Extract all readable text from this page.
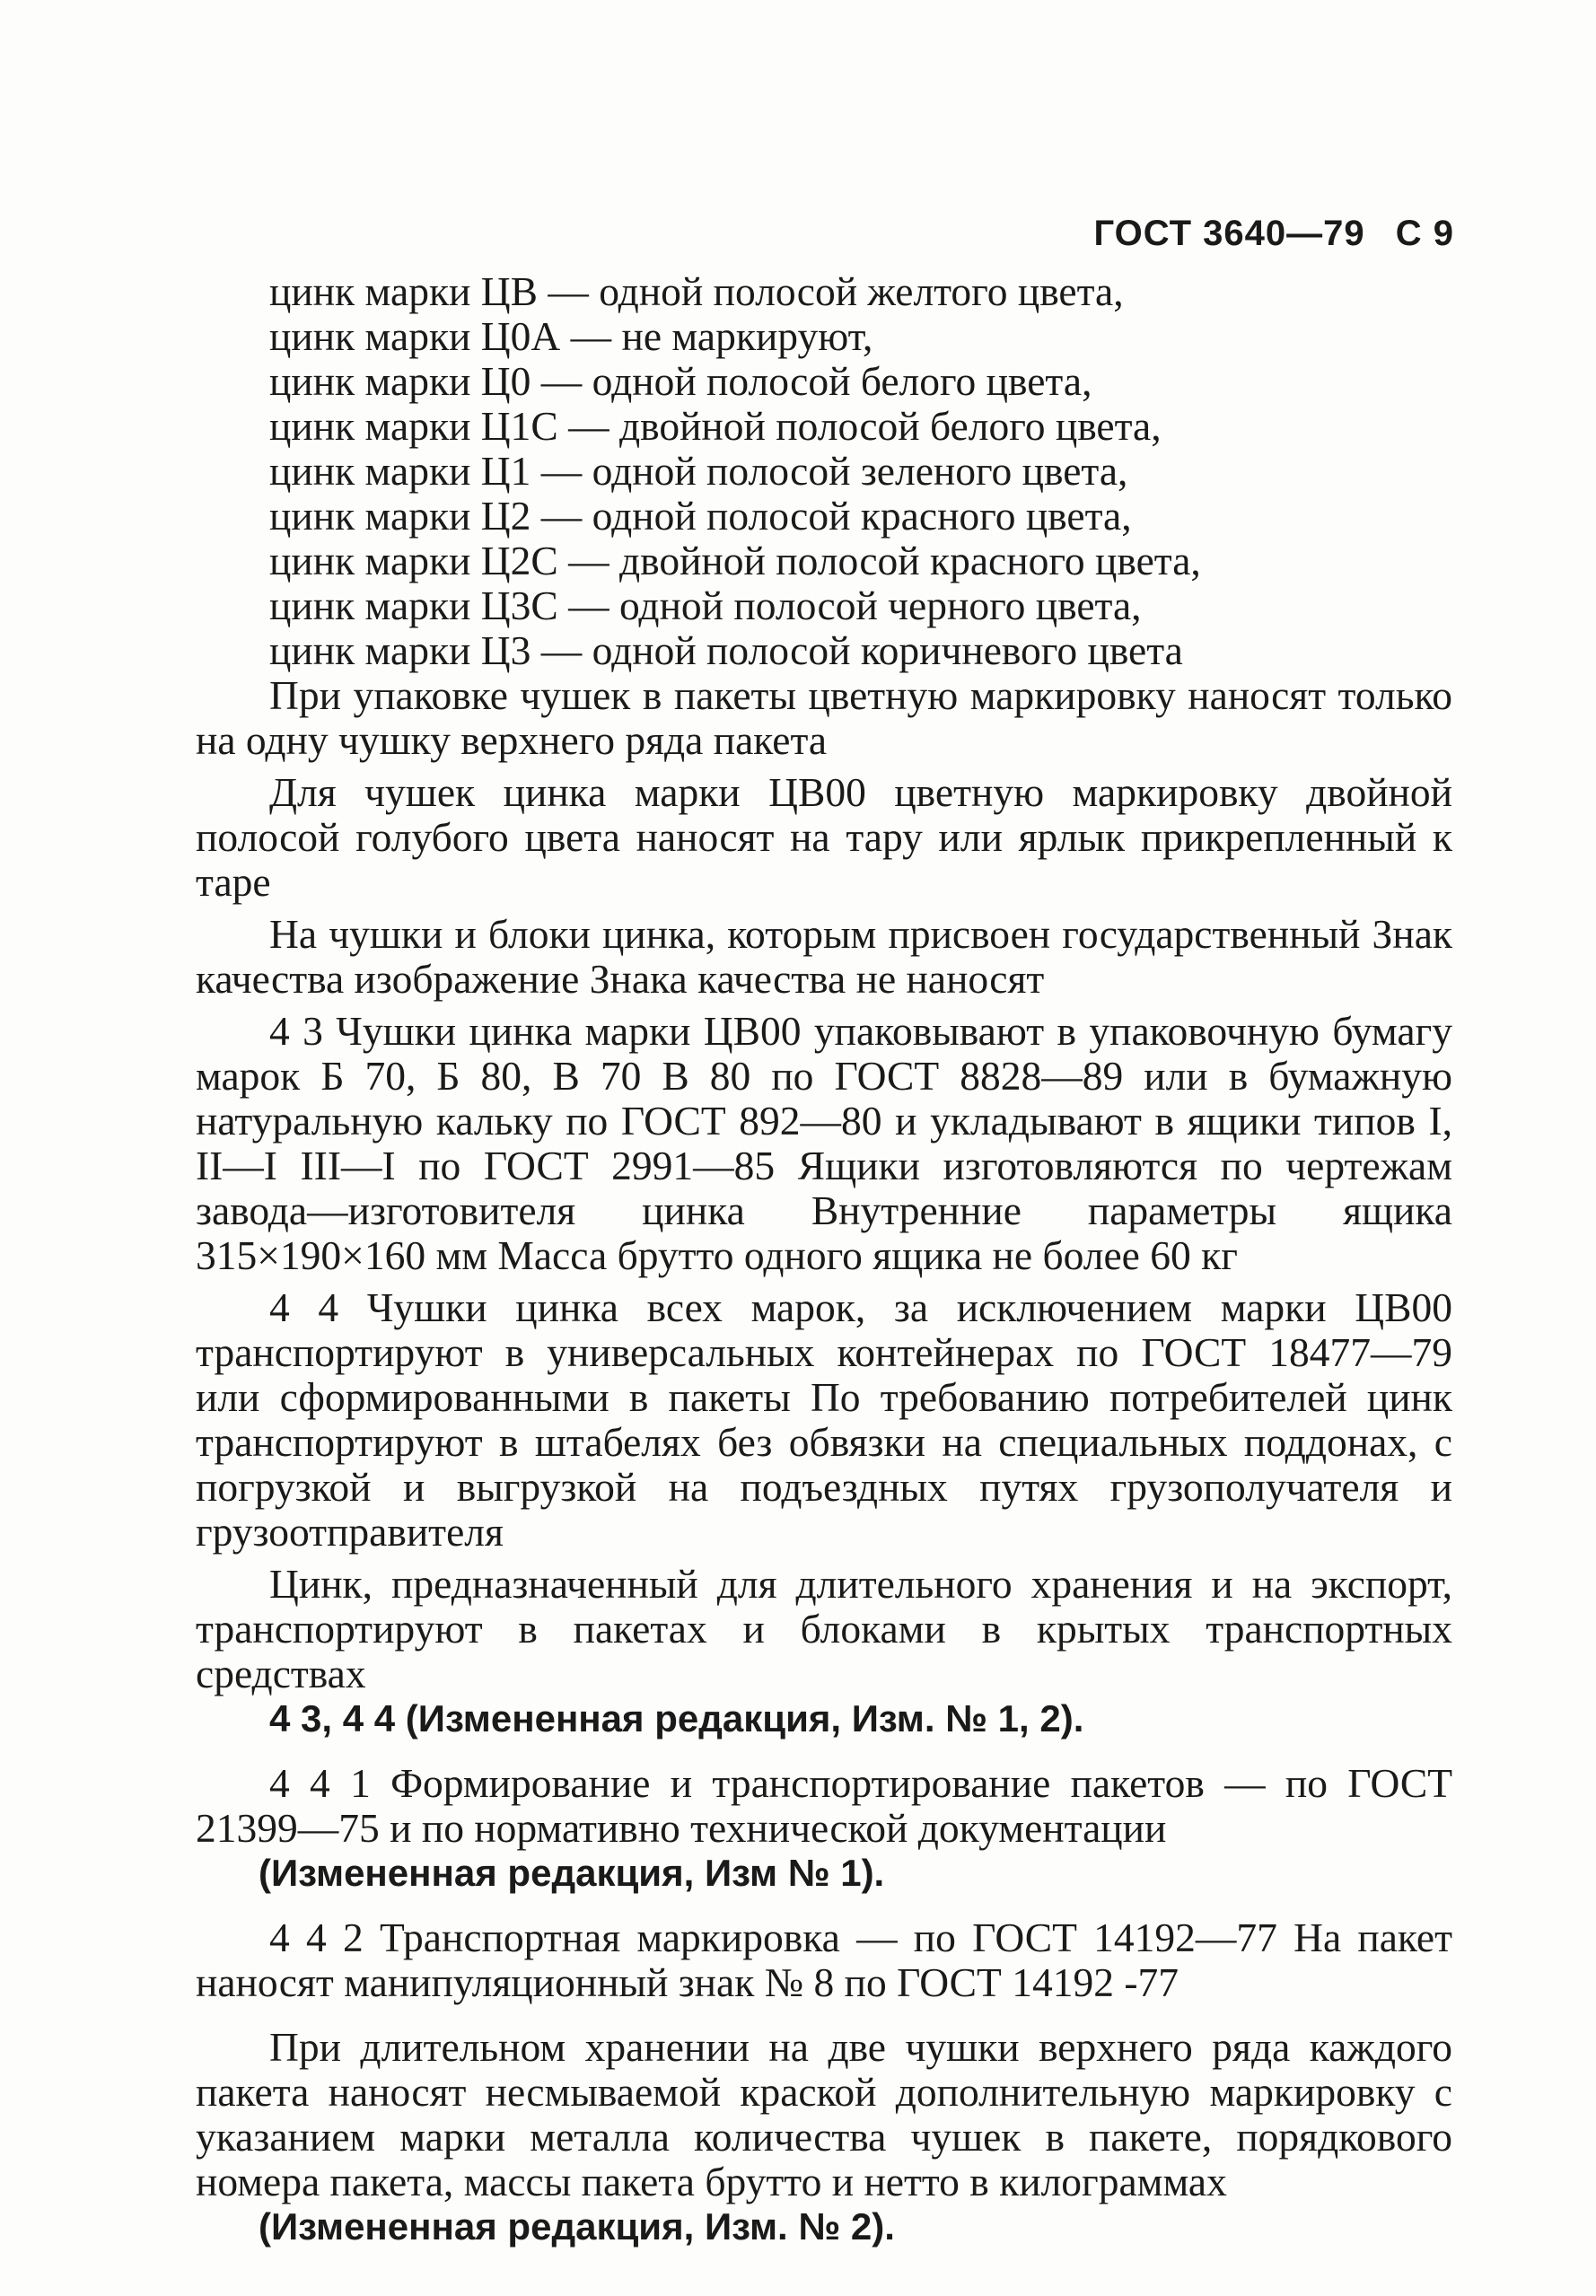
ГОСТ 3640—79 С 9
цинк марки ЦВ — одной полосой желтого цвета,
цинк марки Ц0А — не маркируют,
цинк марки Ц0 — одной полосой белого цвета,
цинк марки Ц1С — двойной полосой белого цвета,
цинк марки Ц1 — одной полосой зеленого цвета,
цинк марки Ц2 — одной полосой красного цвета,
цинк марки Ц2С — двойной полосой красного цвета,
цинк марки Ц3С — одной полосой черного цвета,
цинк марки Ц3 — одной полосой коричневого цвета

При упаковке чушек в пакеты цветную маркировку наносят только на одну чушку верхнего ряда пакета

Для чушек цинка марки ЦВ00 цветную маркировку двойной полосой голубого цвета наносят на тару или ярлык прикрепленный к таре

На чушки и блоки цинка, которым присвоен государственный Знак качества изображение Знака качества не наносят

4 3 Чушки цинка марки ЦВ00 упаковывают в упаковочную бумагу марок Б 70, Б 80, В 70 В 80 по ГОСТ 8828—89 или в бумажную натуральную кальку по ГОСТ 892—80 и укладывают в ящики типов I, II—I III—I по ГОСТ 2991—85 Ящики изготовляются по чертежам завода—изготовителя цинка Внутренние параметры ящика 315×190×160 мм Масса брутто одного ящика не более 60 кг

4 4 Чушки цинка всех марок, за исключением марки ЦВ00 транспортируют в универсальных контейнерах по ГОСТ 18477—79 или сформированными в пакеты По требованию потребителей цинк транспортируют в штабелях без обвязки на специальных поддонах, с погрузкой и выгрузкой на подъездных путях грузополучателя и грузоотправителя

Цинк, предназначенный для длительного хранения и на экспорт, транспортируют в пакетах и блоками в крытых транспортных средствах

4 3, 4 4 (Измененная редакция, Изм. № 1, 2).

4 4 1 Формирование и транспортирование пакетов — по ГОСТ 21399—75 и по нормативно технической документации

(Измененная редакция, Изм № 1).

4 4 2 Транспортная маркировка — по ГОСТ 14192—77 На пакет наносят манипуляционный знак № 8 по ГОСТ 14192 -77

При длительном хранении на две чушки верхнего ряда каждого пакета наносят несмываемой краской дополнительную маркировку с указанием марки металла количества чушек в пакете, порядкового номера пакета, массы пакета брутто и нетто в килограммах

(Измененная редакция, Изм. № 2).
